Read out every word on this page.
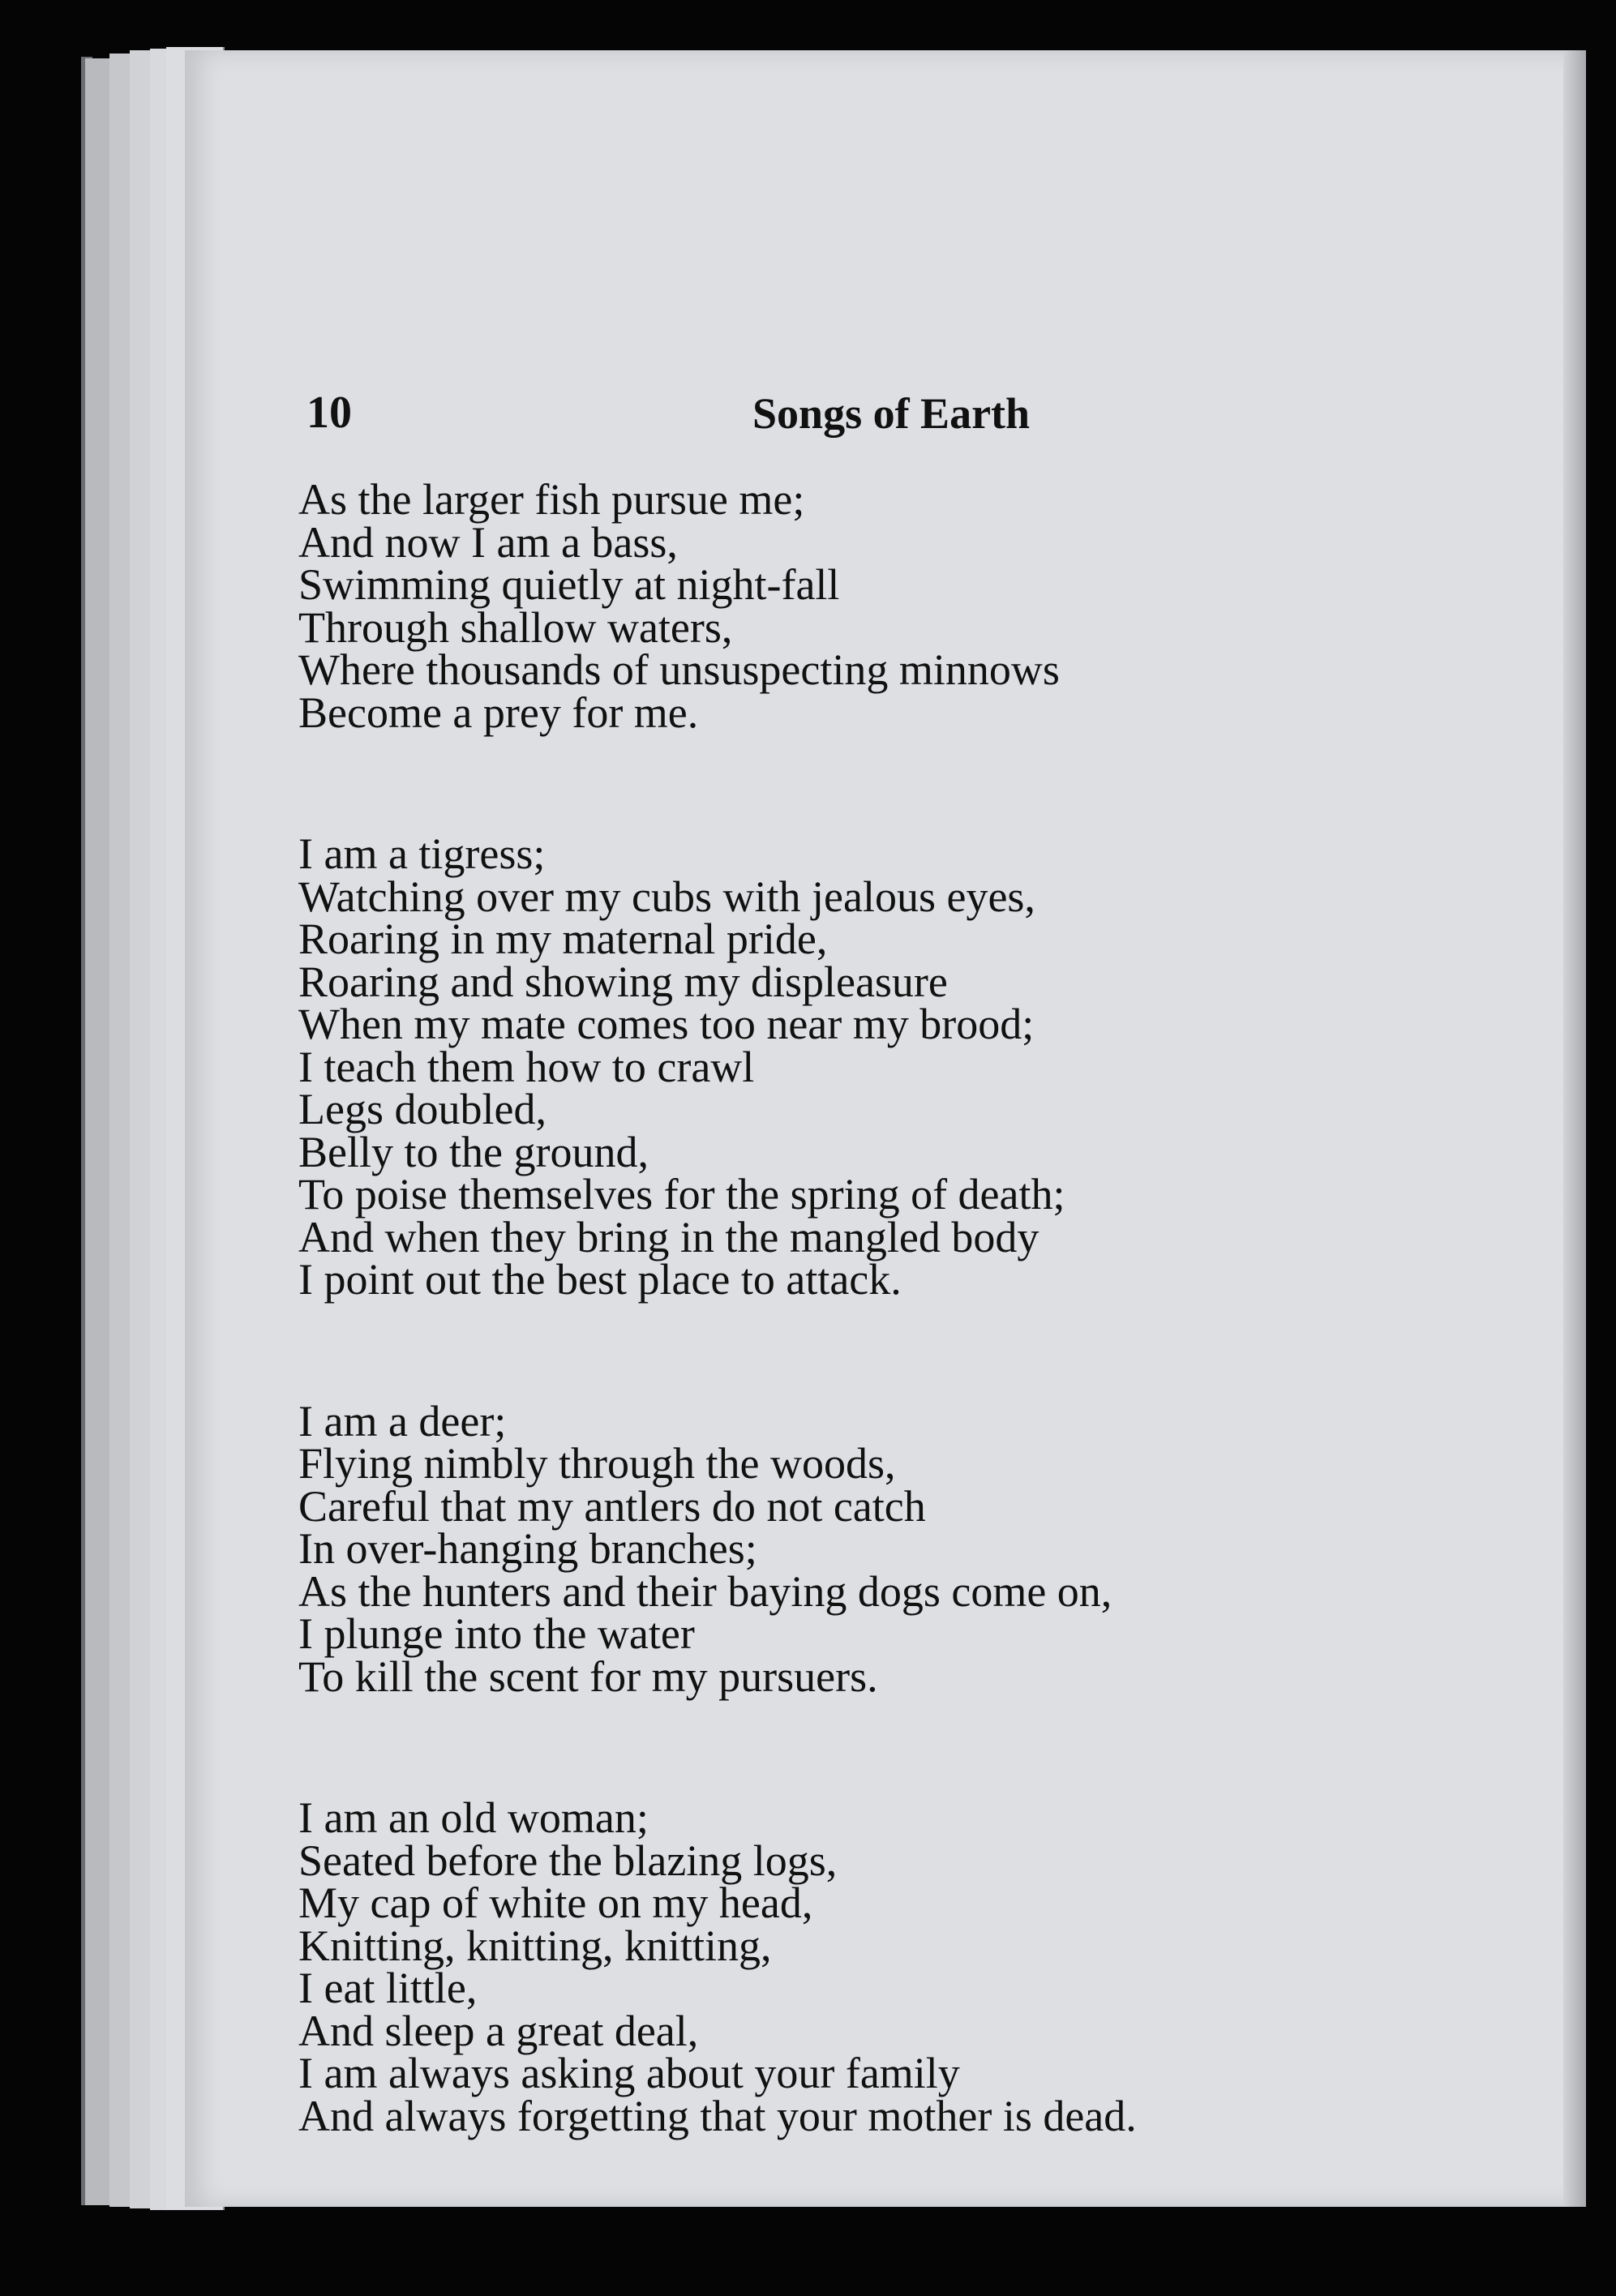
10	Songs of Earth
As the larger fish pursue me;
And now I am a bass,
Swimming quietly at night-fall
Through shallow waters,
Where thousands of unsuspecting minnows
Become a prey for me.
I am a tigress;
Watching over my cubs with jealous eyes,
Roaring in my maternal pride,
Roaring and showing my displeasure
When my mate comes too near my brood;
I teach them how to crawl
Legs doubled,
Belly to the ground,
To poise themselves for the spring of death;
And when they bring in the mangled body
I point out the best place to attack.
I am a deer;
Flying nimbly through the woods,
Careful that my antlers do not catch
In over-hanging branches;
As the hunters and their baying dogs come on,
I plunge into the water
To kill the scent for my pursuers.
I am an old woman;
Seated before the blazing logs,
My cap of white on my head,
Knitting, knitting, knitting,
I eat little,
And sleep a great deal,
I am always asking about your family
And always forgetting that your mother is dead.
